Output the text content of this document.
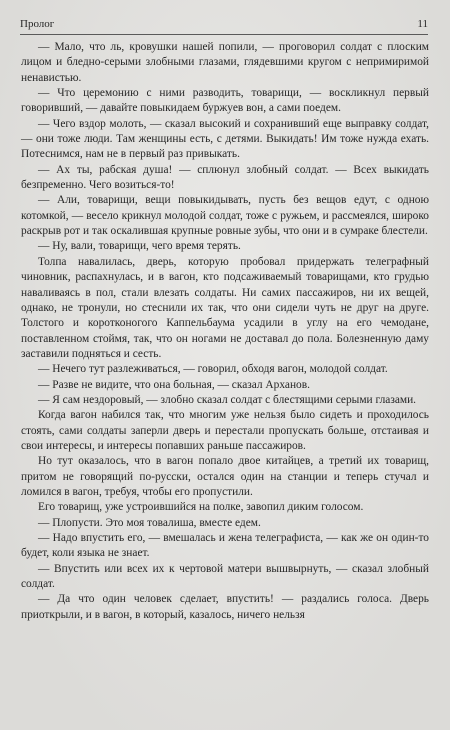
Пролог	11

— Мало, что ль, кровушки нашей попили, — проговорил солдат с плоским лицом и бледно-серыми злобными глазами, глядевшими кругом с непримиримой ненавистью.

— Что церемонию с ними разводить, товарищи, — воскликнул первый говоривший, — давайте повыкидаем буржуев вон, а сами поедем.

— Чего вздор молоть, — сказал высокий и сохранивший еще выправку солдат, — они тоже люди. Там женщины есть, с детями. Выкидать! Им тоже нужда ехать. Потеснимся, нам не в первый раз привыкать.

— Ах ты, рабская душа! — сплюнул злобный солдат. — Всех выкидать безпременно. Чего возиться-то!

— Али, товарищи, вещи повыкидывать, пусть без вещов едут, с одною котомкой, — весело крикнул молодой солдат, тоже с ружьем, и рассмеялся, широко раскрыв рот и так оскалившая крупные ровные зубы, что они и в сумраке блестели.

— Ну, вали, товарищи, чего время терять.

Толпа навалилась, дверь, которую пробовал придержать телеграфный чиновник, распахнулась, и в вагон, кто подсаживаемый товарищами, кто грудью наваливаясь в пол, стали влезать солдаты. Ни самих пассажиров, ни их вещей, однако, не тронули, но стеснили их так, что они сидели чуть не друг на друге. Толстого и коротконогого Каппельбаума усадили в углу на его чемодане, поставленном стоймя, так, что он ногами не доставал до пола. Болезненную даму заставили подняться и сесть.

— Нечего тут разлеживаться, — говорил, обходя вагон, молодой солдат.

— Разве не видите, что она больная, — сказал Арханов.

— Я сам нездоровый, — злобно сказал солдат с блестящими серыми глазами.

Когда вагон набился так, что многим уже нельзя было сидеть и проходилось стоять, сами солдаты заперли дверь и перестали пропускать больше, отстаивая и свои интересы, и интересы попавших раньше пассажиров.

Но тут оказалось, что в вагон попало двое китайцев, а третий их товарищ, притом не говорящий по-русски, остался один на станции и теперь стучал и ломился в вагон, требуя, чтобы его пропустили.

Его товарищ, уже устроившийся на полке, завопил диким голосом.

— Плопусти. Это моя товалиша, вместе едем.

— Надо впустить его, — вмешалась и жена телеграфиста, — как же он один-то будет, коли языка не знает.

— Впустить или всех их к чертовой матери вышвырнуть, — сказал злобный солдат.

— Да что один человек сделает, впустить! — раздались голоса. Дверь приоткрыли, и в вагон, в который, казалось, ничего нельзя
